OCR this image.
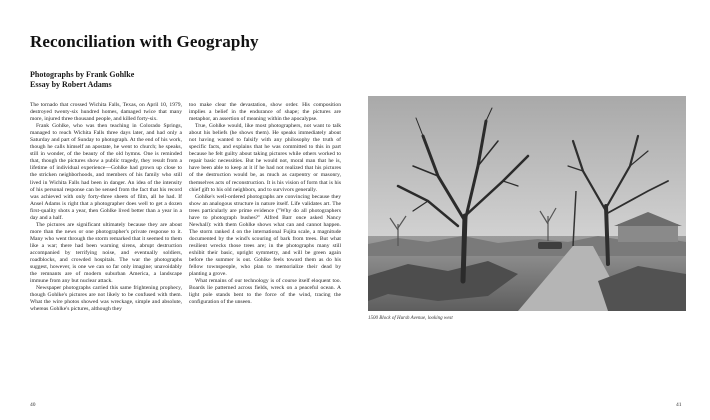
Reconciliation with Geography
Photographs by Frank Gohlke
Essay by Robert Adams

The tornado that crossed Wichita Falls, Texas, on April 10, 1979, destroyed twenty-six hundred homes, damaged twice that many more, injured three thousand people, and killed forty-six.

Frank Gohlke, who was then teaching in Colorado Springs, managed to reach Wichita Falls three days later, and had only a Saturday and part of Sunday to photograph. At the end of his work, though he calls himself an apostate, he went to church; he speaks, still in wonder, of the beauty of the old hymns. One is reminded that, though the pictures show a public tragedy, they result from a lifetime of individual experience—Gohlke had grown up close to the stricken neighborhoods, and members of his family who still lived in Wichita Falls had been in danger. An idea of the intensity of his personal response can be sensed from the fact that his record was achieved with only forty-three sheets of film, all he had. If Ansel Adams is right that a photographer does well to get a dozen first-quality shots a year, then Gohlke lived better than a year in a day and a half.

The pictures are significant ultimately because they are about more than the news or one photographer's private response to it. Many who went through the storm remarked that it seemed to them like a war; there had been warning sirens, abrupt destruction accompanied by terrifying noise, and eventually soldiers, roadblocks, and crowded hospitals. The war the photographs suggest, however, is one we can so far only imagine; unavoidably the remnants are of modern suburban America, a landscape immune from any but nuclear attack.

Newspaper photographs carried this same frightening prophecy, though Gohlke's pictures are not likely to be confused with them. What the wire photos showed was wreckage, simple and absolute, whereas Gohlke's pictures, although they

too make clear the devastation, show order. His composition implies a belief in the endurance of shape; the pictures are metaphor, an assertion of meaning within the apocalypse.

True, Gohlke would, like most photographers, not want to talk about his beliefs (he shows them). He speaks immediately about not having wanted to falsify with any philosophy the truth of specific facts, and explains that he was committed to this in part because he felt guilty about taking pictures while others worked to repair basic necessities. But he would not, moral man that he is, have been able to keep at it if he had not realized that his pictures of the destruction would be, as much as carpentry or masonry, themselves acts of reconstruction. It is his vision of form that is his chief gift to his old neighbors, and to survivors generally.

Gohlke's well-ordered photographs are convincing because they show an analogous structure in nature itself. Life validates art. The trees particularly are prime evidence ("Why do all photographers have to photograph bushes?" Alfred Barr once asked Nancy Newhall): with them Gohlke shows what can and cannot happen. The storm ranked 4 on the international Fujita scale, a magnitude documented by the wind's scouring of bark from trees. But what resilient wrecks those trees are; in the photographs many still exhibit their basic, upright symmetry, and will be green again before the summer is out. Gohlke feels toward them as do his fellow townspeople, who plan to memorialize their dead by planting a grove.

What remains of our technology is of course itself eloquent too. Boards lie patterned across fields, wreck on a peaceful ocean. A light pole stands bent to the force of the wind, tracing the configuration of the unseen.

1500 Block of Hursh Avenue, looking west
40	41
